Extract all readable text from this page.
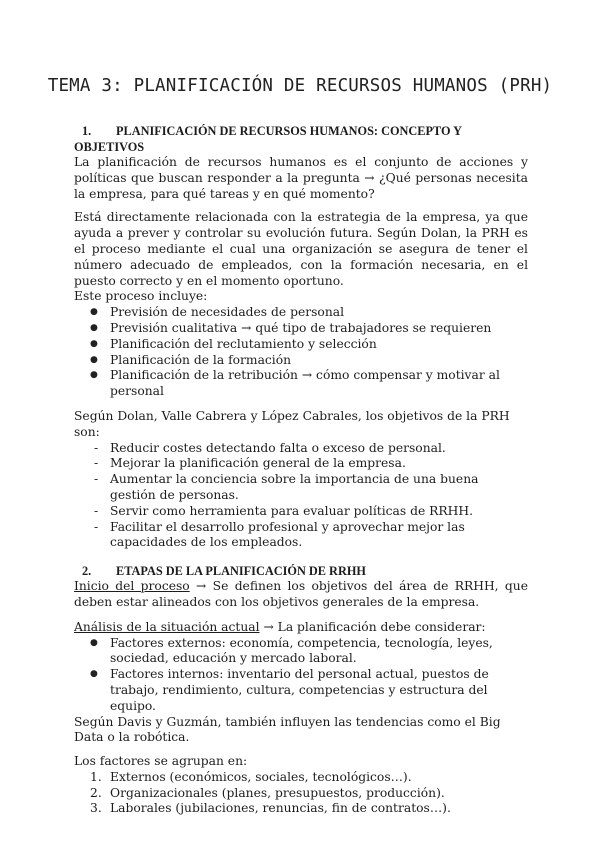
TEMA 3: PLANIFICACIÓN DE RECURSOS HUMANOS (PRH)

1. PLANIFICACIÓN DE RECURSOS HUMANOS: CONCEPTO Y OBJETIVOS

La planificación de recursos humanos es el conjunto de acciones y políticas que buscan responder a la pregunta → ¿Qué personas necesita la empresa, para qué tareas y en qué momento?

Está directamente relacionada con la estrategia de la empresa, ya que ayuda a prever y controlar su evolución futura. Según Dolan, la PRH es el proceso mediante el cual una organización se asegura de tener el número adecuado de empleados, con la formación necesaria, en el puesto correcto y en el momento oportuno.

Este proceso incluye:

● Previsión de necesidades de personal
● Previsión cualitativa → qué tipo de trabajadores se requieren
● Planificación del reclutamiento y selección
● Planificación de la formación
● Planificación de la retribución → cómo compensar y motivar al personal

Según Dolan, Valle Cabrera y López Cabrales, los objetivos de la PRH son:

- Reducir costes detectando falta o exceso de personal.
- Mejorar la planificación general de la empresa.
- Aumentar la conciencia sobre la importancia de una buena gestión de personas.
- Servir como herramienta para evaluar políticas de RRHH.
- Facilitar el desarrollo profesional y aprovechar mejor las capacidades de los empleados.

2. ETAPAS DE LA PLANIFICACIÓN DE RRHH

Inicio del proceso → Se definen los objetivos del área de RRHH, que deben estar alineados con los objetivos generales de la empresa.

Análisis de la situación actual → La planificación debe considerar:

● Factores externos: economía, competencia, tecnología, leyes, sociedad, educación y mercado laboral.
● Factores internos: inventario del personal actual, puestos de trabajo, rendimiento, cultura, competencias y estructura del equipo.

Según Davis y Guzmán, también influyen las tendencias como el Big Data o la robótica.

Los factores se agrupan en:

1. Externos (económicos, sociales, tecnológicos…).
2. Organizacionales (planes, presupuestos, producción).
3. Laborales (jubilaciones, renuncias, fin de contratos…).
